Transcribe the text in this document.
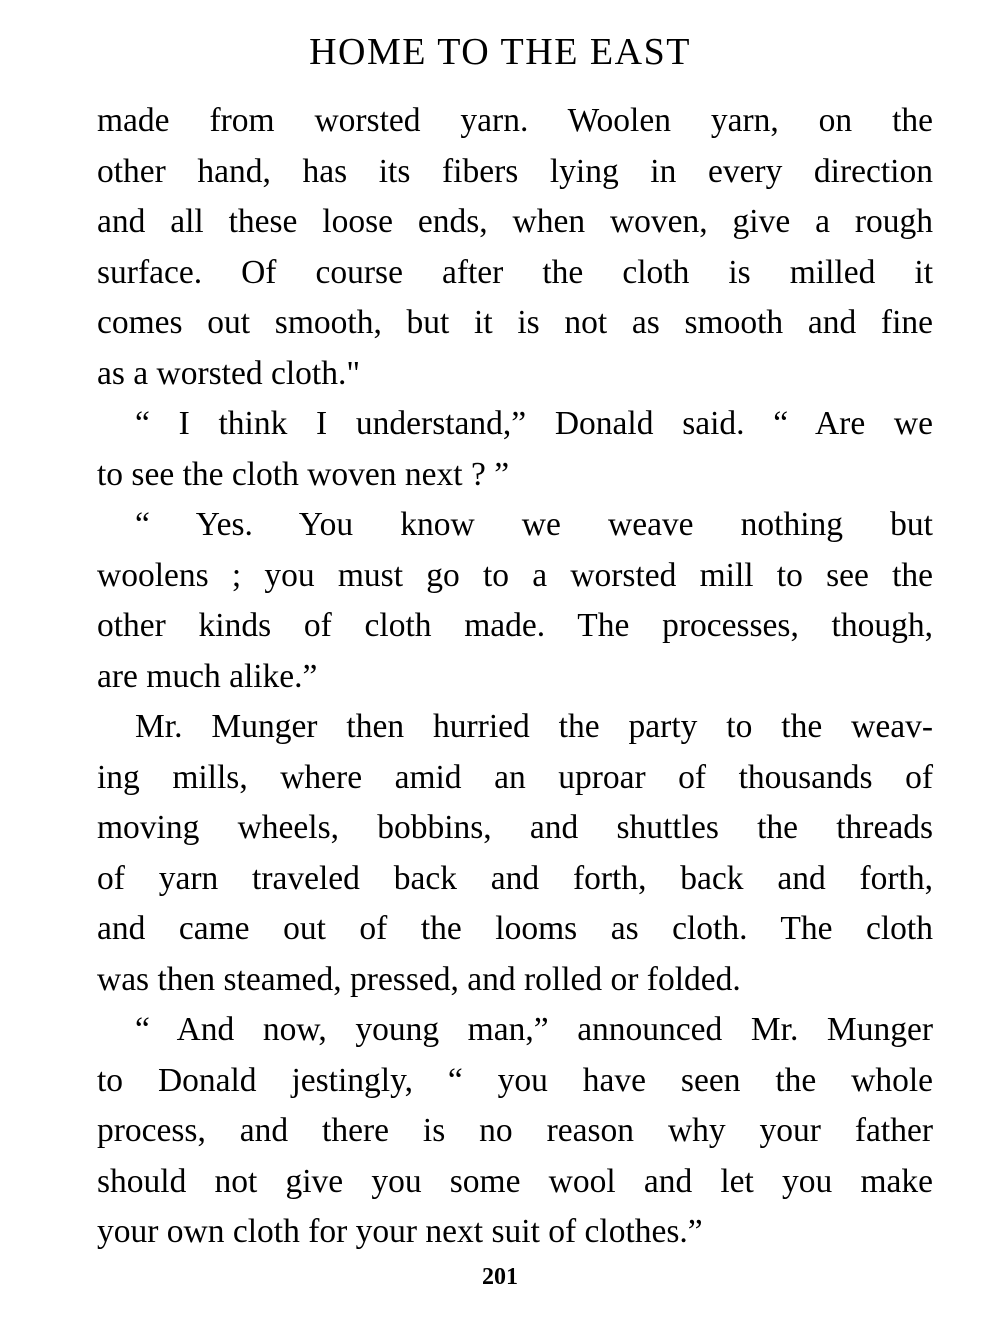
HOME TO THE EAST
made from worsted yarn. Woolen yarn, on the
other hand, has its fibers lying in every direction
and all these loose ends, when woven, give a rough
surface. Of course after the cloth is milled it
comes out smooth, but it is not as smooth and fine
as a worsted cloth."
“ I think I understand,” Donald said. “ Are we
to see the cloth woven next ? ”
“ Yes. You know we weave nothing but
woolens ; you must go to a worsted mill to see the
other kinds of cloth made. The processes, though,
are much alike.”
Mr. Munger then hurried the party to the weav-
ing mills, where amid an uproar of thousands of
moving wheels, bobbins, and shuttles the threads
of yarn traveled back and forth, back and forth,
and came out of the looms as cloth. The cloth
was then steamed, pressed, and rolled or folded.
“ And now, young man,” announced Mr. Munger
to Donald jestingly, “ you have seen the whole
process, and there is no reason why your father
should not give you some wool and let you make
your own cloth for your next suit of clothes.”
201
